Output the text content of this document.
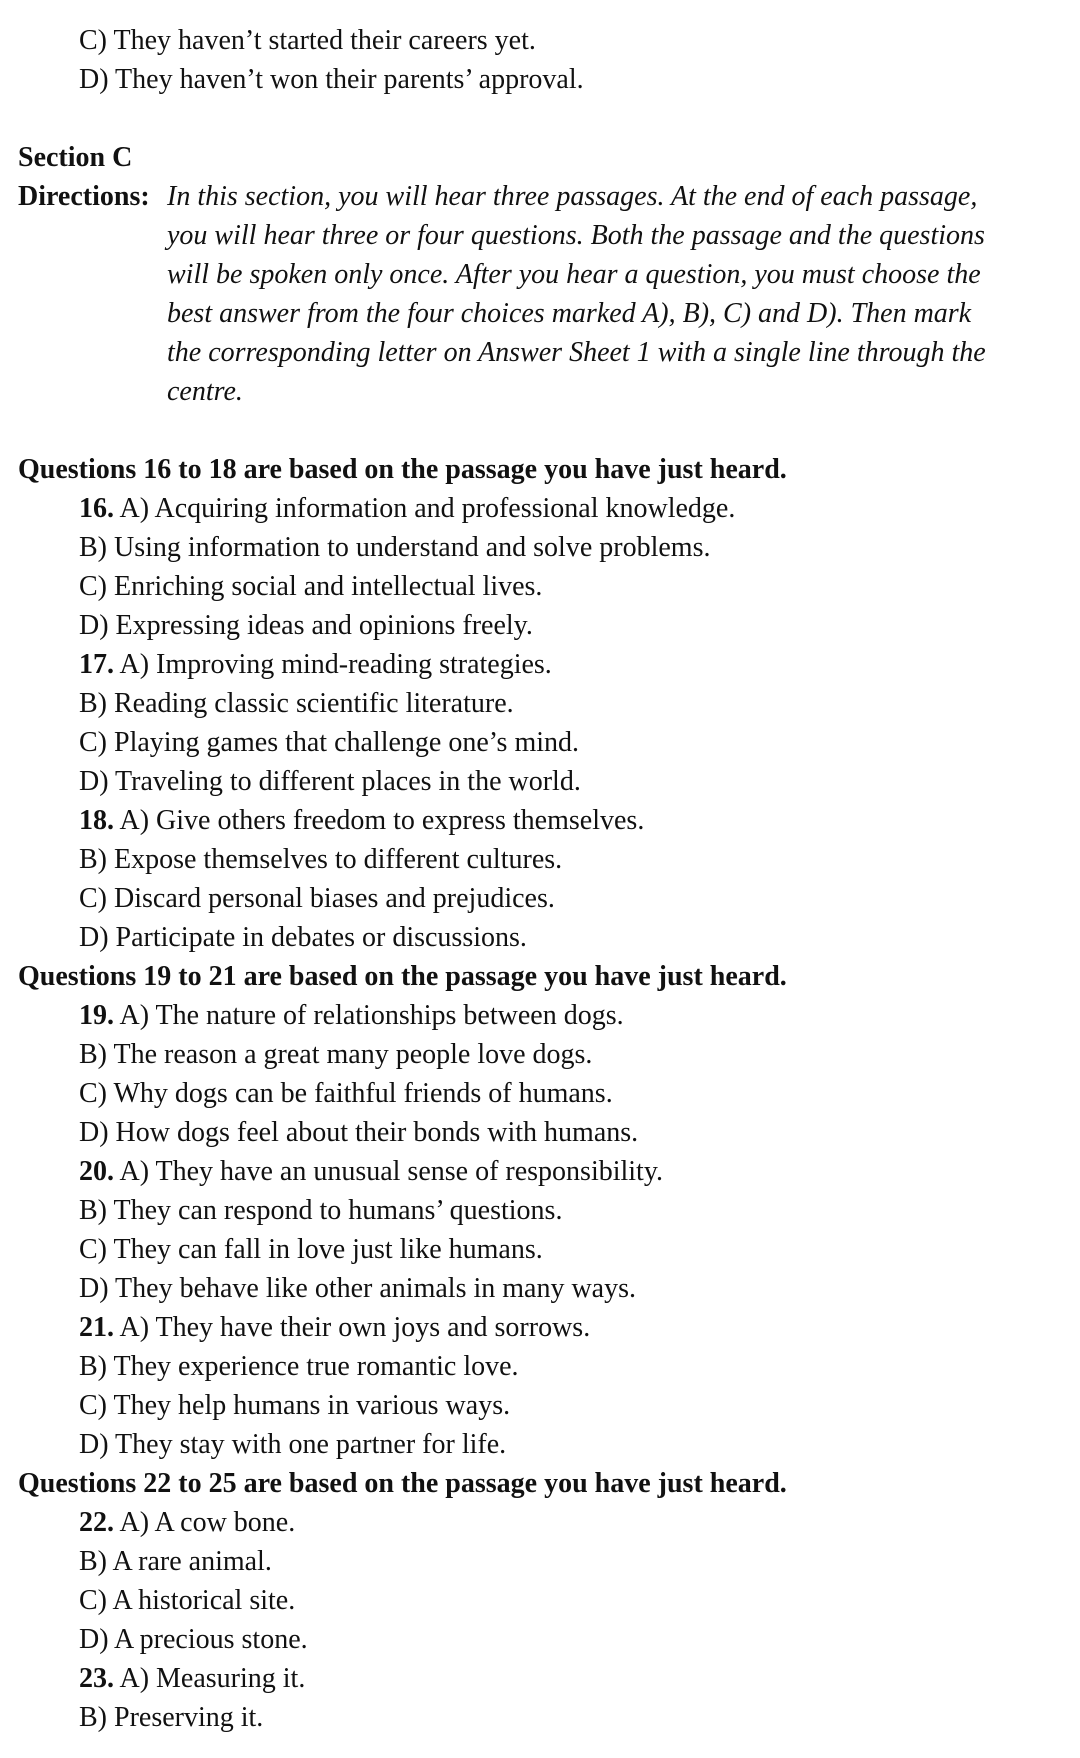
C) They haven’t started their careers yet.
D) They haven’t won their parents’ approval.
Section C
Directions: In this section, you will hear three passages. At the end of each passage,
you will hear three or four questions. Both the passage and the questions
will be spoken only once. After you hear a question, you must choose the
best answer from the four choices marked A), B), C) and D). Then mark
the corresponding letter on Answer Sheet 1 with a single line through the
centre.
Questions 16 to 18 are based on the passage you have just heard.
16. A) Acquiring information and professional knowledge.
B) Using information to understand and solve problems.
C) Enriching social and intellectual lives.
D) Expressing ideas and opinions freely.
17. A) Improving mind-reading strategies.
B) Reading classic scientific literature.
C) Playing games that challenge one’s mind.
D) Traveling to different places in the world.
18. A) Give others freedom to express themselves.
B) Expose themselves to different cultures.
C) Discard personal biases and prejudices.
D) Participate in debates or discussions.
Questions 19 to 21 are based on the passage you have just heard.
19. A) The nature of relationships between dogs.
B) The reason a great many people love dogs.
C) Why dogs can be faithful friends of humans.
D) How dogs feel about their bonds with humans.
20. A) They have an unusual sense of responsibility.
B) They can respond to humans’ questions.
C) They can fall in love just like humans.
D) They behave like other animals in many ways.
21. A) They have their own joys and sorrows.
B) They experience true romantic love.
C) They help humans in various ways.
D) They stay with one partner for life.
Questions 22 to 25 are based on the passage you have just heard.
22. A) A cow bone.
B) A rare animal.
C) A historical site.
D) A precious stone.
23. A) Measuring it.
B) Preserving it.
